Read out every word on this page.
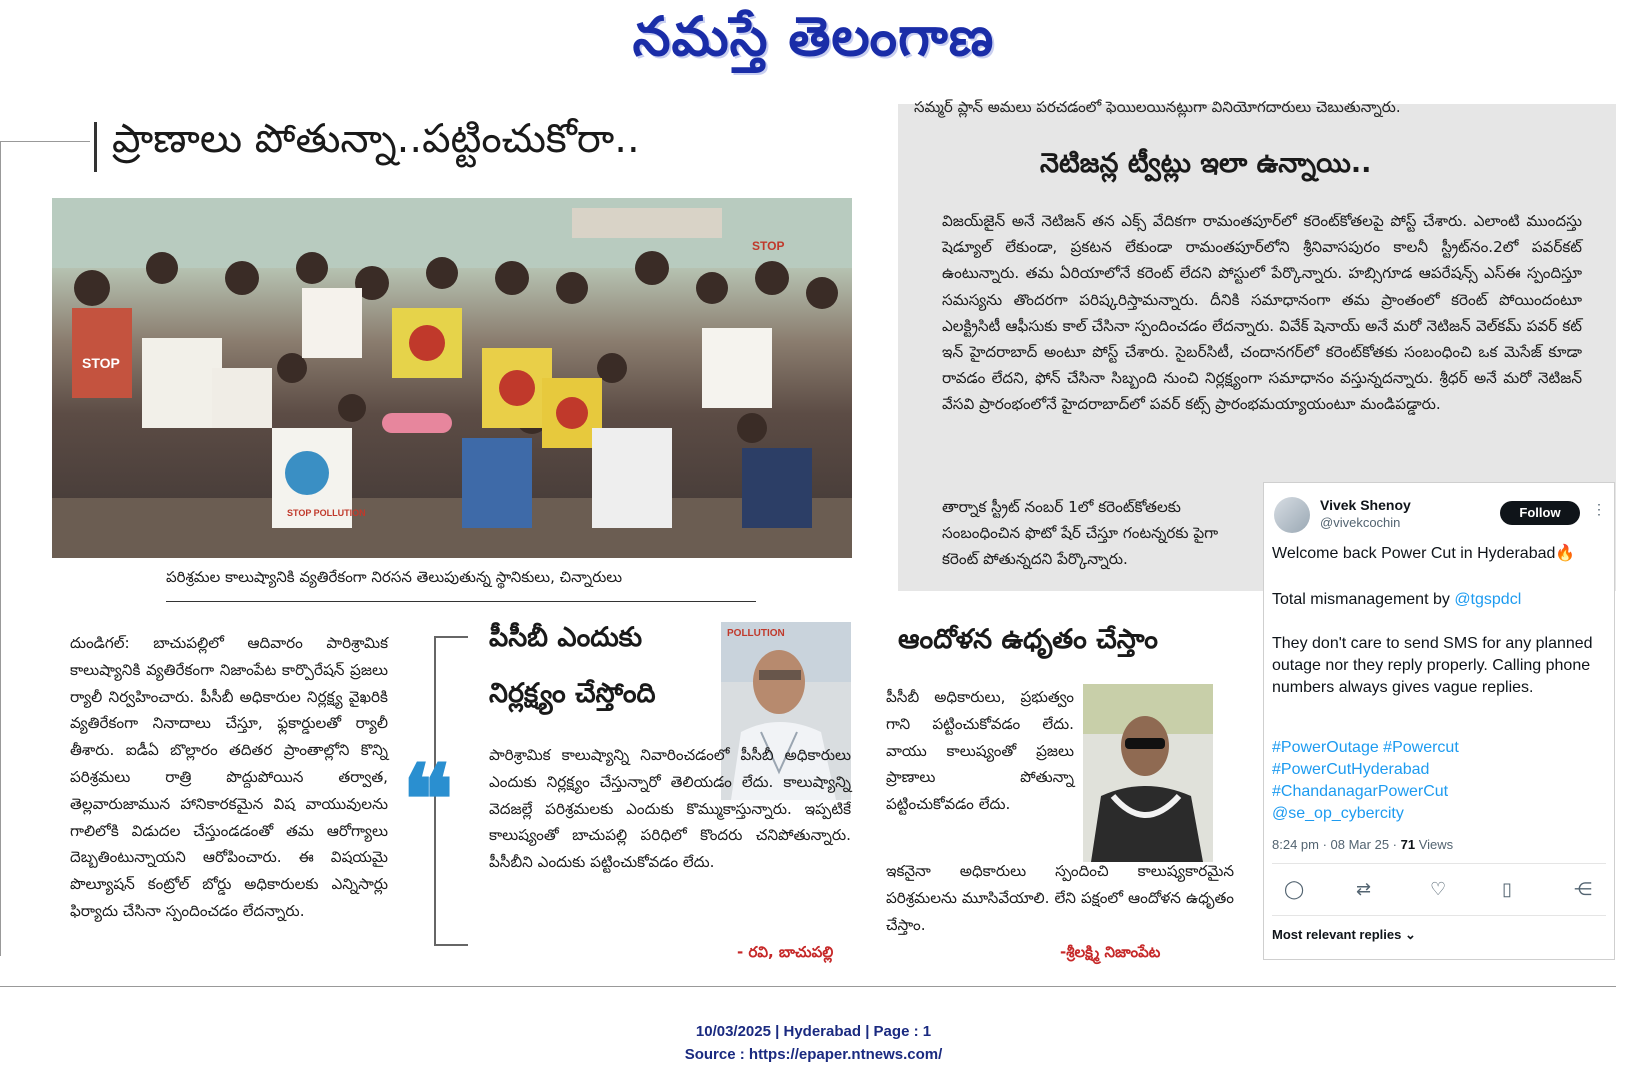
నమస్తే తెలంగాణ
ప్రాణాలు పోతున్నా..పట్టించుకోరా..
STOP
STOP POLLUTION
STOP
పరిశ్రమల కాలుష్యానికి వ్యతిరేకంగా నిరసన తెలుపుతున్న స్థానికులు, చిన్నారులు
సమ్మర్ ప్లాన్ అమలు పరచడంలో ఫెయిలయినట్లుగా వినియోగదారులు చెబుతున్నారు.
నెటిజన్ల ట్వీట్లు ఇలా ఉన్నాయి..
విజయ్‌జైన్ అనే నెటిజన్ తన ఎక్స్ వేదికగా రామంతపూర్‌లో కరెంట్‌కోతలపై పోస్ట్ చేశారు. ఎలాంటి ముందస్తు షెడ్యూల్ లేకుండా, ప్రకటన లేకుండా రామంతపూర్‌లోని శ్రీనివాసపురం కాలనీ స్ట్రీట్‌నం.2లో పవర్‌కట్ ఉంటున్నారు. తమ ఏరియాలోనే కరెంట్ లేదని పోస్టులో పేర్కొన్నారు. హబ్సిగూడ ఆపరేషన్స్ ఎస్‌ఈ స్పందిస్తూ సమస్యను తొందరగా పరిష్కరిస్తామన్నారు. దీనికి సమాధానంగా తమ ప్రాంతంలో కరెంట్ పోయిందంటూ ఎలక్ట్రిసిటీ ఆఫీసుకు కాల్ చేసినా స్పందించడం లేదన్నారు. వివేక్ షెనాయ్ అనే మరో నెటిజన్ వెల్‌కమ్ పవర్ కట్ ఇన్ హైదరాబాద్ అంటూ పోస్ట్ చేశారు. సైబర్‌సిటీ, చందానగర్‌లో కరెంట్‌కోతకు సంబంధించి ఒక మెసేజ్ కూడా రావడం లేదని, ఫోన్ చేసినా సిబ్బంది నుంచి నిర్లక్ష్యంగా సమాధానం వస్తున్నదన్నారు. శ్రీధర్ అనే మరో నెటిజన్ వేసవి ప్రారంభంలోనే హైదరాబాద్‌లో పవర్ కట్స్ ప్రారంభమయ్యాయంటూ మండిపడ్డారు.
తార్నాక స్ట్రీట్ నంబర్ 1లో కరెంట్‌కోతలకు సంబంధించిన ఫొటో షేర్ చేస్తూ గంటన్నరకు పైగా కరెంట్ పోతున్నదని పేర్కొన్నారు.
Vivek Shenoy
@vivekcochin
Follow	⋮
Welcome back Power Cut in Hyderabad🔥
Total mismanagement by @tgspdcl
They don't care to send SMS for any planned outage nor they reply properly. Calling phone numbers always gives vague replies.
#PowerOutage #Powercut
#PowerCutHyderabad
#ChandanagarPowerCut
@se_op_cybercity
8:24 pm · 08 Mar 25 · 71 Views
◯	⇄	♡	▯	⋲
Most relevant replies ⌄
దుండిగల్: బాచుపల్లిలో ఆదివారం పారిశ్రామిక కాలుష్యానికి వ్యతిరేకంగా నిజాంపేట కార్పొరేషన్ ప్రజలు ర్యాలీ నిర్వహించారు. పీసీబీ అధికారుల నిర్లక్ష్య వైఖరికి వ్యతిరేకంగా నినాదాలు చేస్తూ, ఫ్లకార్డులతో ర్యాలీ తీశారు. ఐడీఏ బొల్లారం తదితర ప్రాంతాల్లోని కొన్ని పరిశ్రమలు రాత్రి పొద్దుపోయిన తర్వాత, తెల్లవారుజామున హానికారకమైన విష వాయువులను గాలిలోకి విడుదల చేస్తుండడంతో తమ ఆరోగ్యాలు దెబ్బతింటున్నాయని ఆరోపించారు. ఈ విషయమై పొల్యూషన్ కంట్రోల్ బోర్డు అధికారులకు ఎన్నిసార్లు ఫిర్యాదు చేసినా స్పందించడం లేదన్నారు.
❝
పీసీబీ ఎందుకు
నిర్లక్ష్యం చేస్తోంది
POLLUTION
పారిశ్రామిక కాలుష్యాన్ని నివారించడంలో పీసీబీ అధికారులు ఎందుకు నిర్లక్ష్యం చేస్తున్నారో తెలియడం లేదు. కాలుష్యాన్ని వెదజల్లే పరిశ్రమలకు ఎందుకు కొమ్ముకాస్తున్నారు. ఇప్పటికే కాలుష్యంతో బాచుపల్లి పరిధిలో కొందరు చనిపోతున్నారు. పీసీబీని ఎందుకు పట్టించుకోవడం లేదు.
- రవి, బాచుపల్లి
ఆందోళన ఉధృతం చేస్తాం
పీసీబీ అధికారులు, ప్రభుత్వం గాని పట్టించుకోవడం లేదు. వాయు కాలుష్యంతో ప్రజలు ప్రాణాలు పోతున్నా పట్టించుకోవడం లేదు.
ఇకనైనా అధికారులు స్పందించి కాలుష్యకారమైన పరిశ్రమలను మూసివేయాలి. లేని పక్షంలో ఆందోళన ఉధృతం చేస్తాం.
-శ్రీలక్ష్మి నిజాంపేట
10/03/2025 | Hyderabad | Page : 1
Source : https://epaper.ntnews.com/
